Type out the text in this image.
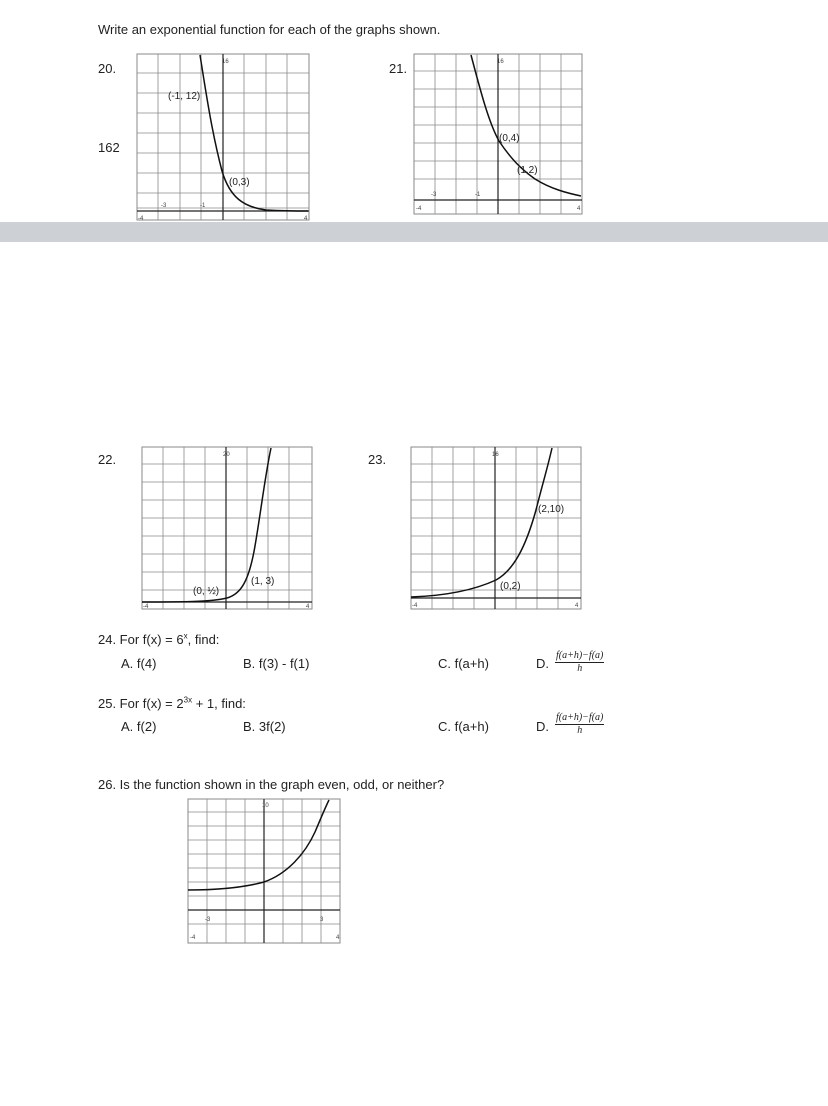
Write an exponential function for each of the graphs shown.
20.
162
-4	4
16
-3	-1
(-1, 12)
(0,3)
21.
-4	4
16
-3	-1
(0,4)
(1,2)
22.
-4	4
20
(0, ½)
(1, 3)
23.
-4	4
16
(2,10)
(0,2)
24. For $f(x) = 6^x$, find:
A. f(4)	B. f(3) - f(1)	C. f(a+h)	D. $\frac{f(a+h)-f(a)}{h}$
25. For $f(x) = 2^{3x} + 1$, find:
A. f(2)	B. 3f(2)	C. f(a+h)	D. $\frac{f(a+h)-f(a)}{h}$
26. Is the function shown in the graph even, odd, or neither?
-4	4
10
-3	3
